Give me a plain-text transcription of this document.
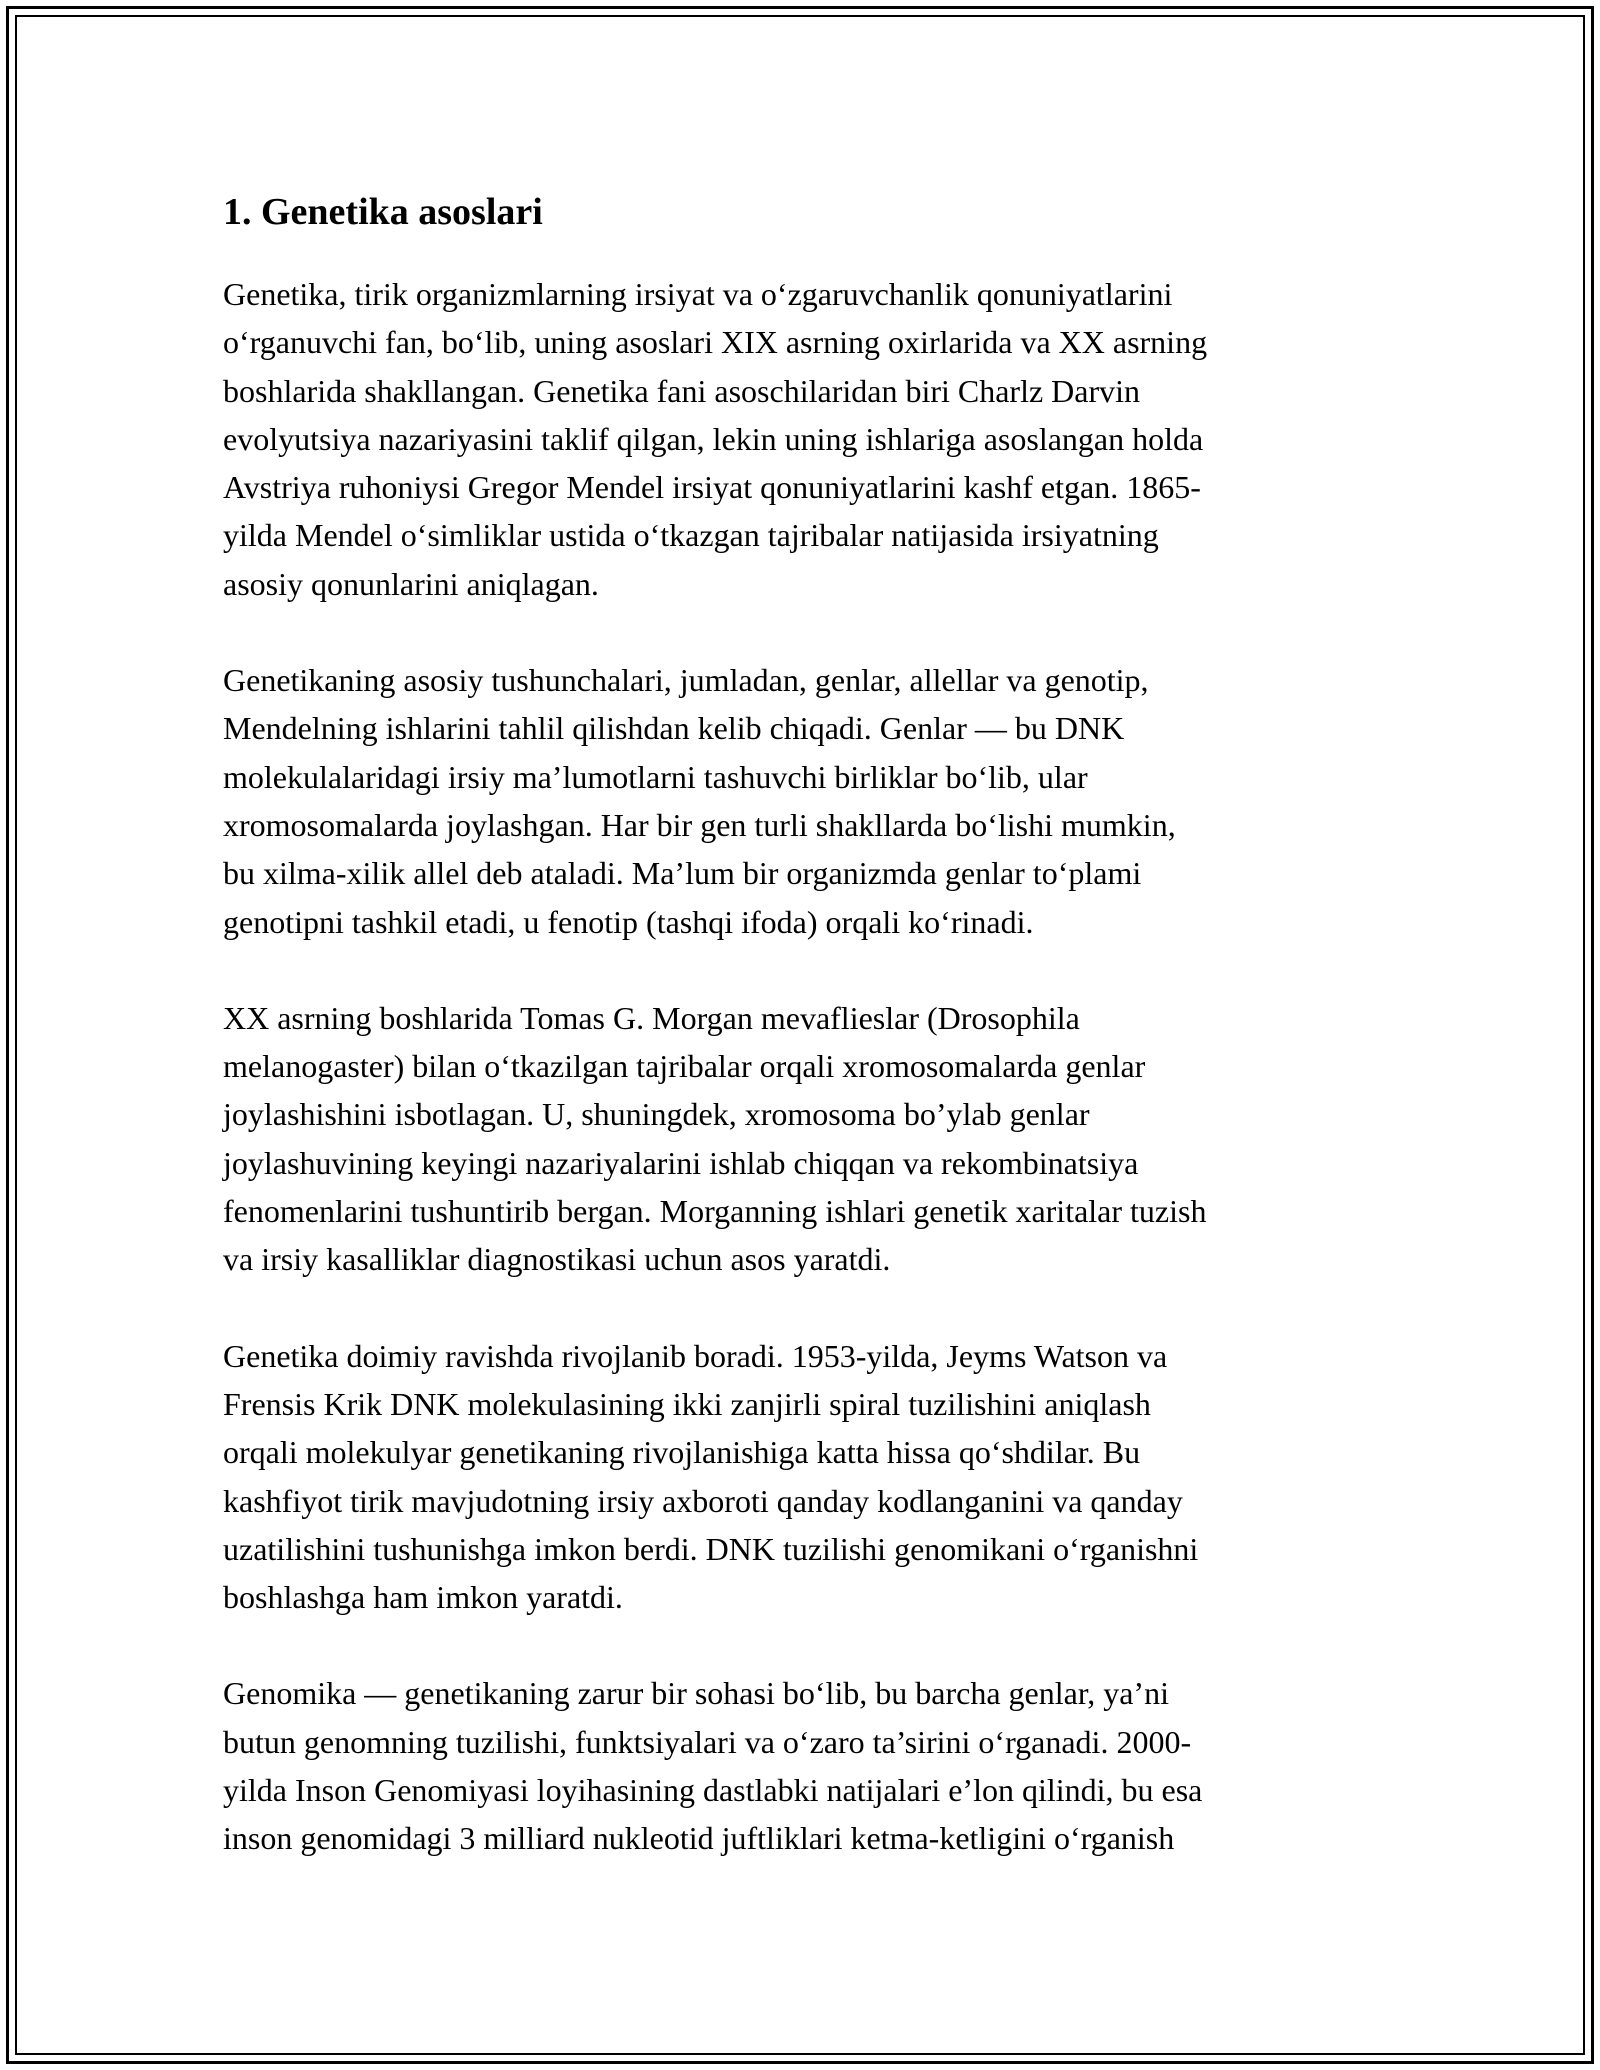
1. Genetika asoslari

Genetika, tirik organizmlarning irsiyat va o‘zgaruvchanlik qonuniyatlarini
o‘rganuvchi fan, bo‘lib, uning asoslari XIX asrning oxirlarida va XX asrning
boshlarida shakllangan. Genetika fani asoschilaridan biri Charlz Darvin
evolyutsiya nazariyasini taklif qilgan, lekin uning ishlariga asoslangan holda
Avstriya ruhoniysi Gregor Mendel irsiyat qonuniyatlarini kashf etgan. 1865-
yilda Mendel o‘simliklar ustida o‘tkazgan tajribalar natijasida irsiyatning
asosiy qonunlarini aniqlagan.

Genetikaning asosiy tushunchalari, jumladan, genlar, allellar va genotip,
Mendelning ishlarini tahlil qilishdan kelib chiqadi. Genlar — bu DNK
molekulalaridagi irsiy ma’lumotlarni tashuvchi birliklar bo‘lib, ular
xromosomalarda joylashgan. Har bir gen turli shakllarda bo‘lishi mumkin,
bu xilma-xilik allel deb ataladi. Ma’lum bir organizmda genlar to‘plami
genotipni tashkil etadi, u fenotip (tashqi ifoda) orqali ko‘rinadi.

XX asrning boshlarida Tomas G. Morgan mevaflieslar (Drosophila
melanogaster) bilan o‘tkazilgan tajribalar orqali xromosomalarda genlar
joylashishini isbotlagan. U, shuningdek, xromosoma bo’ylab genlar
joylashuvining keyingi nazariyalarini ishlab chiqqan va rekombinatsiya
fenomenlarini tushuntirib bergan. Morganning ishlari genetik xaritalar tuzish
va irsiy kasalliklar diagnostikasi uchun asos yaratdi.

Genetika doimiy ravishda rivojlanib boradi. 1953-yilda, Jeyms Watson va
Frensis Krik DNK molekulasining ikki zanjirli spiral tuzilishini aniqlash
orqali molekulyar genetikaning rivojlanishiga katta hissa qo‘shdilar. Bu
kashfiyot tirik mavjudotning irsiy axboroti qanday kodlanganini va qanday
uzatilishini tushunishga imkon berdi. DNK tuzilishi genomikani o‘rganishni
boshlashga ham imkon yaratdi.

Genomika — genetikaning zarur bir sohasi bo‘lib, bu barcha genlar, ya’ni
butun genomning tuzilishi, funktsiyalari va o‘zaro ta’sirini o‘rganadi. 2000-
yilda Inson Genomiyasi loyihasining dastlabki natijalari e’lon qilindi, bu esa
inson genomidagi 3 milliard nukleotid juftliklari ketma-ketligini o‘rganish
